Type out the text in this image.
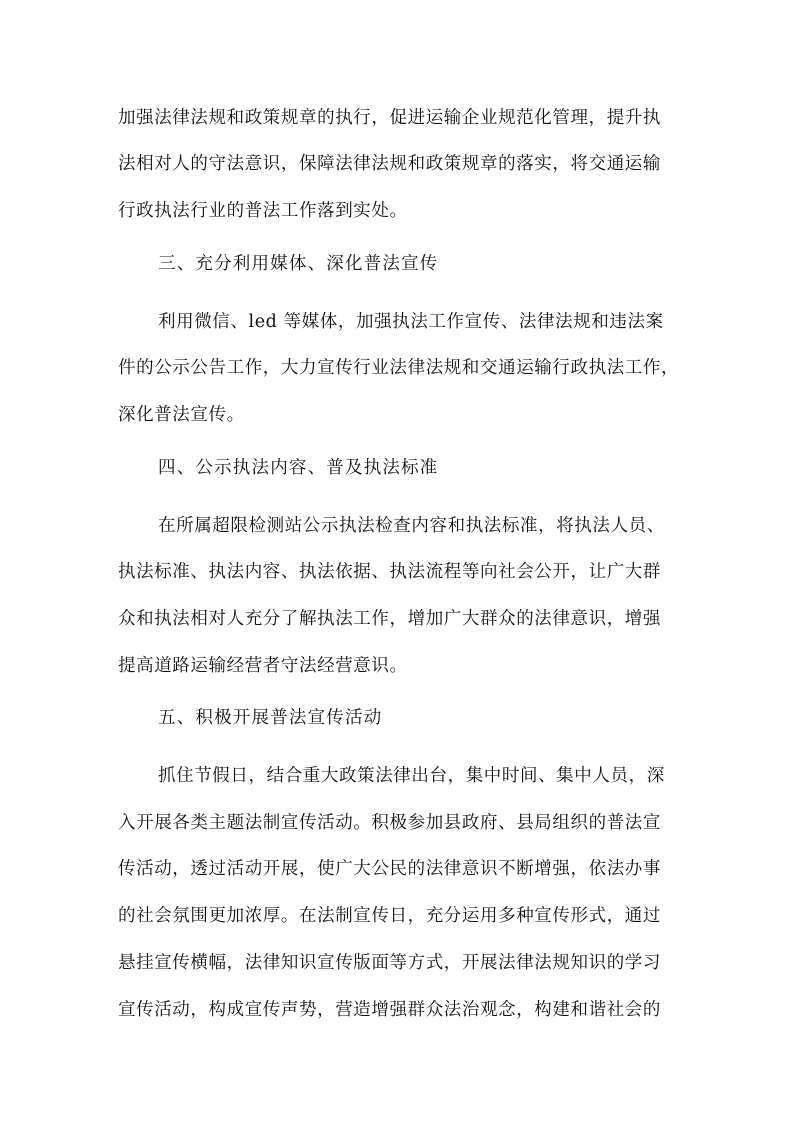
加强法律法规和政策规章的执行，促进运输企业规范化管理，提升执
法相对人的守法意识，保障法律法规和政策规章的落实，将交通运输
行政执法行业的普法工作落到实处。
三、充分利用媒体、深化普法宣传
利用微信、led 等媒体，加强执法工作宣传、法律法规和违法案
件的公示公告工作，大力宣传行业法律法规和交通运输行政执法工作，
深化普法宣传。
四、公示执法内容、普及执法标准
在所属超限检测站公示执法检查内容和执法标准，将执法人员、
执法标准、执法内容、执法依据、执法流程等向社会公开，让广大群
众和执法相对人充分了解执法工作，增加广大群众的法律意识，增强
提高道路运输经营者守法经营意识。
五、积极开展普法宣传活动
抓住节假日，结合重大政策法律出台，集中时间、集中人员，深
入开展各类主题法制宣传活动。积极参加县政府、县局组织的普法宣
传活动，透过活动开展，使广大公民的法律意识不断增强，依法办事
的社会氛围更加浓厚。在法制宣传日，充分运用多种宣传形式，通过
悬挂宣传横幅，法律知识宣传版面等方式，开展法律法规知识的学习
宣传活动，构成宣传声势，营造增强群众法治观念，构建和谐社会的
